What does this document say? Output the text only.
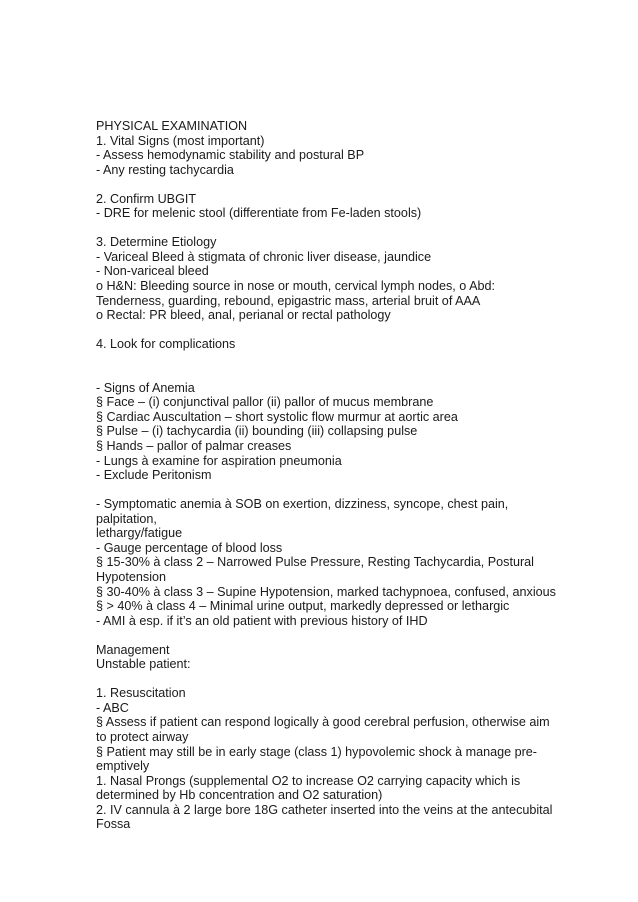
PHYSICAL EXAMINATION
1. Vital Signs (most important)
- Assess hemodynamic stability and postural BP
- Any resting tachycardia
2. Confirm UBGIT
- DRE for melenic stool (differentiate from Fe-laden stools)
3. Determine Etiology
- Variceal Bleed à stigmata of chronic liver disease, jaundice
- Non-variceal bleed
o H&N: Bleeding source in nose or mouth, cervical lymph nodes, o Abd:
Tenderness, guarding, rebound, epigastric mass, arterial bruit of AAA
o Rectal: PR bleed, anal, perianal or rectal pathology
4. Look for complications
- Signs of Anemia
§ Face – (i) conjunctival pallor (ii) pallor of mucus membrane
§ Cardiac Auscultation – short systolic flow murmur at aortic area
§ Pulse – (i) tachycardia (ii) bounding (iii) collapsing pulse
§ Hands – pallor of palmar creases
- Lungs à examine for aspiration pneumonia
- Exclude Peritonism
- Symptomatic anemia à SOB on exertion, dizziness, syncope, chest pain,
palpitation,
lethargy/fatigue
- Gauge percentage of blood loss
§ 15-30% à class 2 – Narrowed Pulse Pressure, Resting Tachycardia, Postural
Hypotension
§ 30-40% à class 3 – Supine Hypotension, marked tachypnoea, confused, anxious
§ > 40% à class 4 – Minimal urine output, markedly depressed or lethargic
- AMI à esp. if it’s an old patient with previous history of IHD
Management
Unstable patient:
1. Resuscitation
- ABC
§ Assess if patient can respond logically à good cerebral perfusion, otherwise aim
to protect airway
§ Patient may still be in early stage (class 1) hypovolemic shock à manage pre-
emptively
1. Nasal Prongs (supplemental O2 to increase O2 carrying capacity which is
determined by Hb concentration and O2 saturation)
2. IV cannula à 2 large bore 18G catheter inserted into the veins at the antecubital
Fossa
